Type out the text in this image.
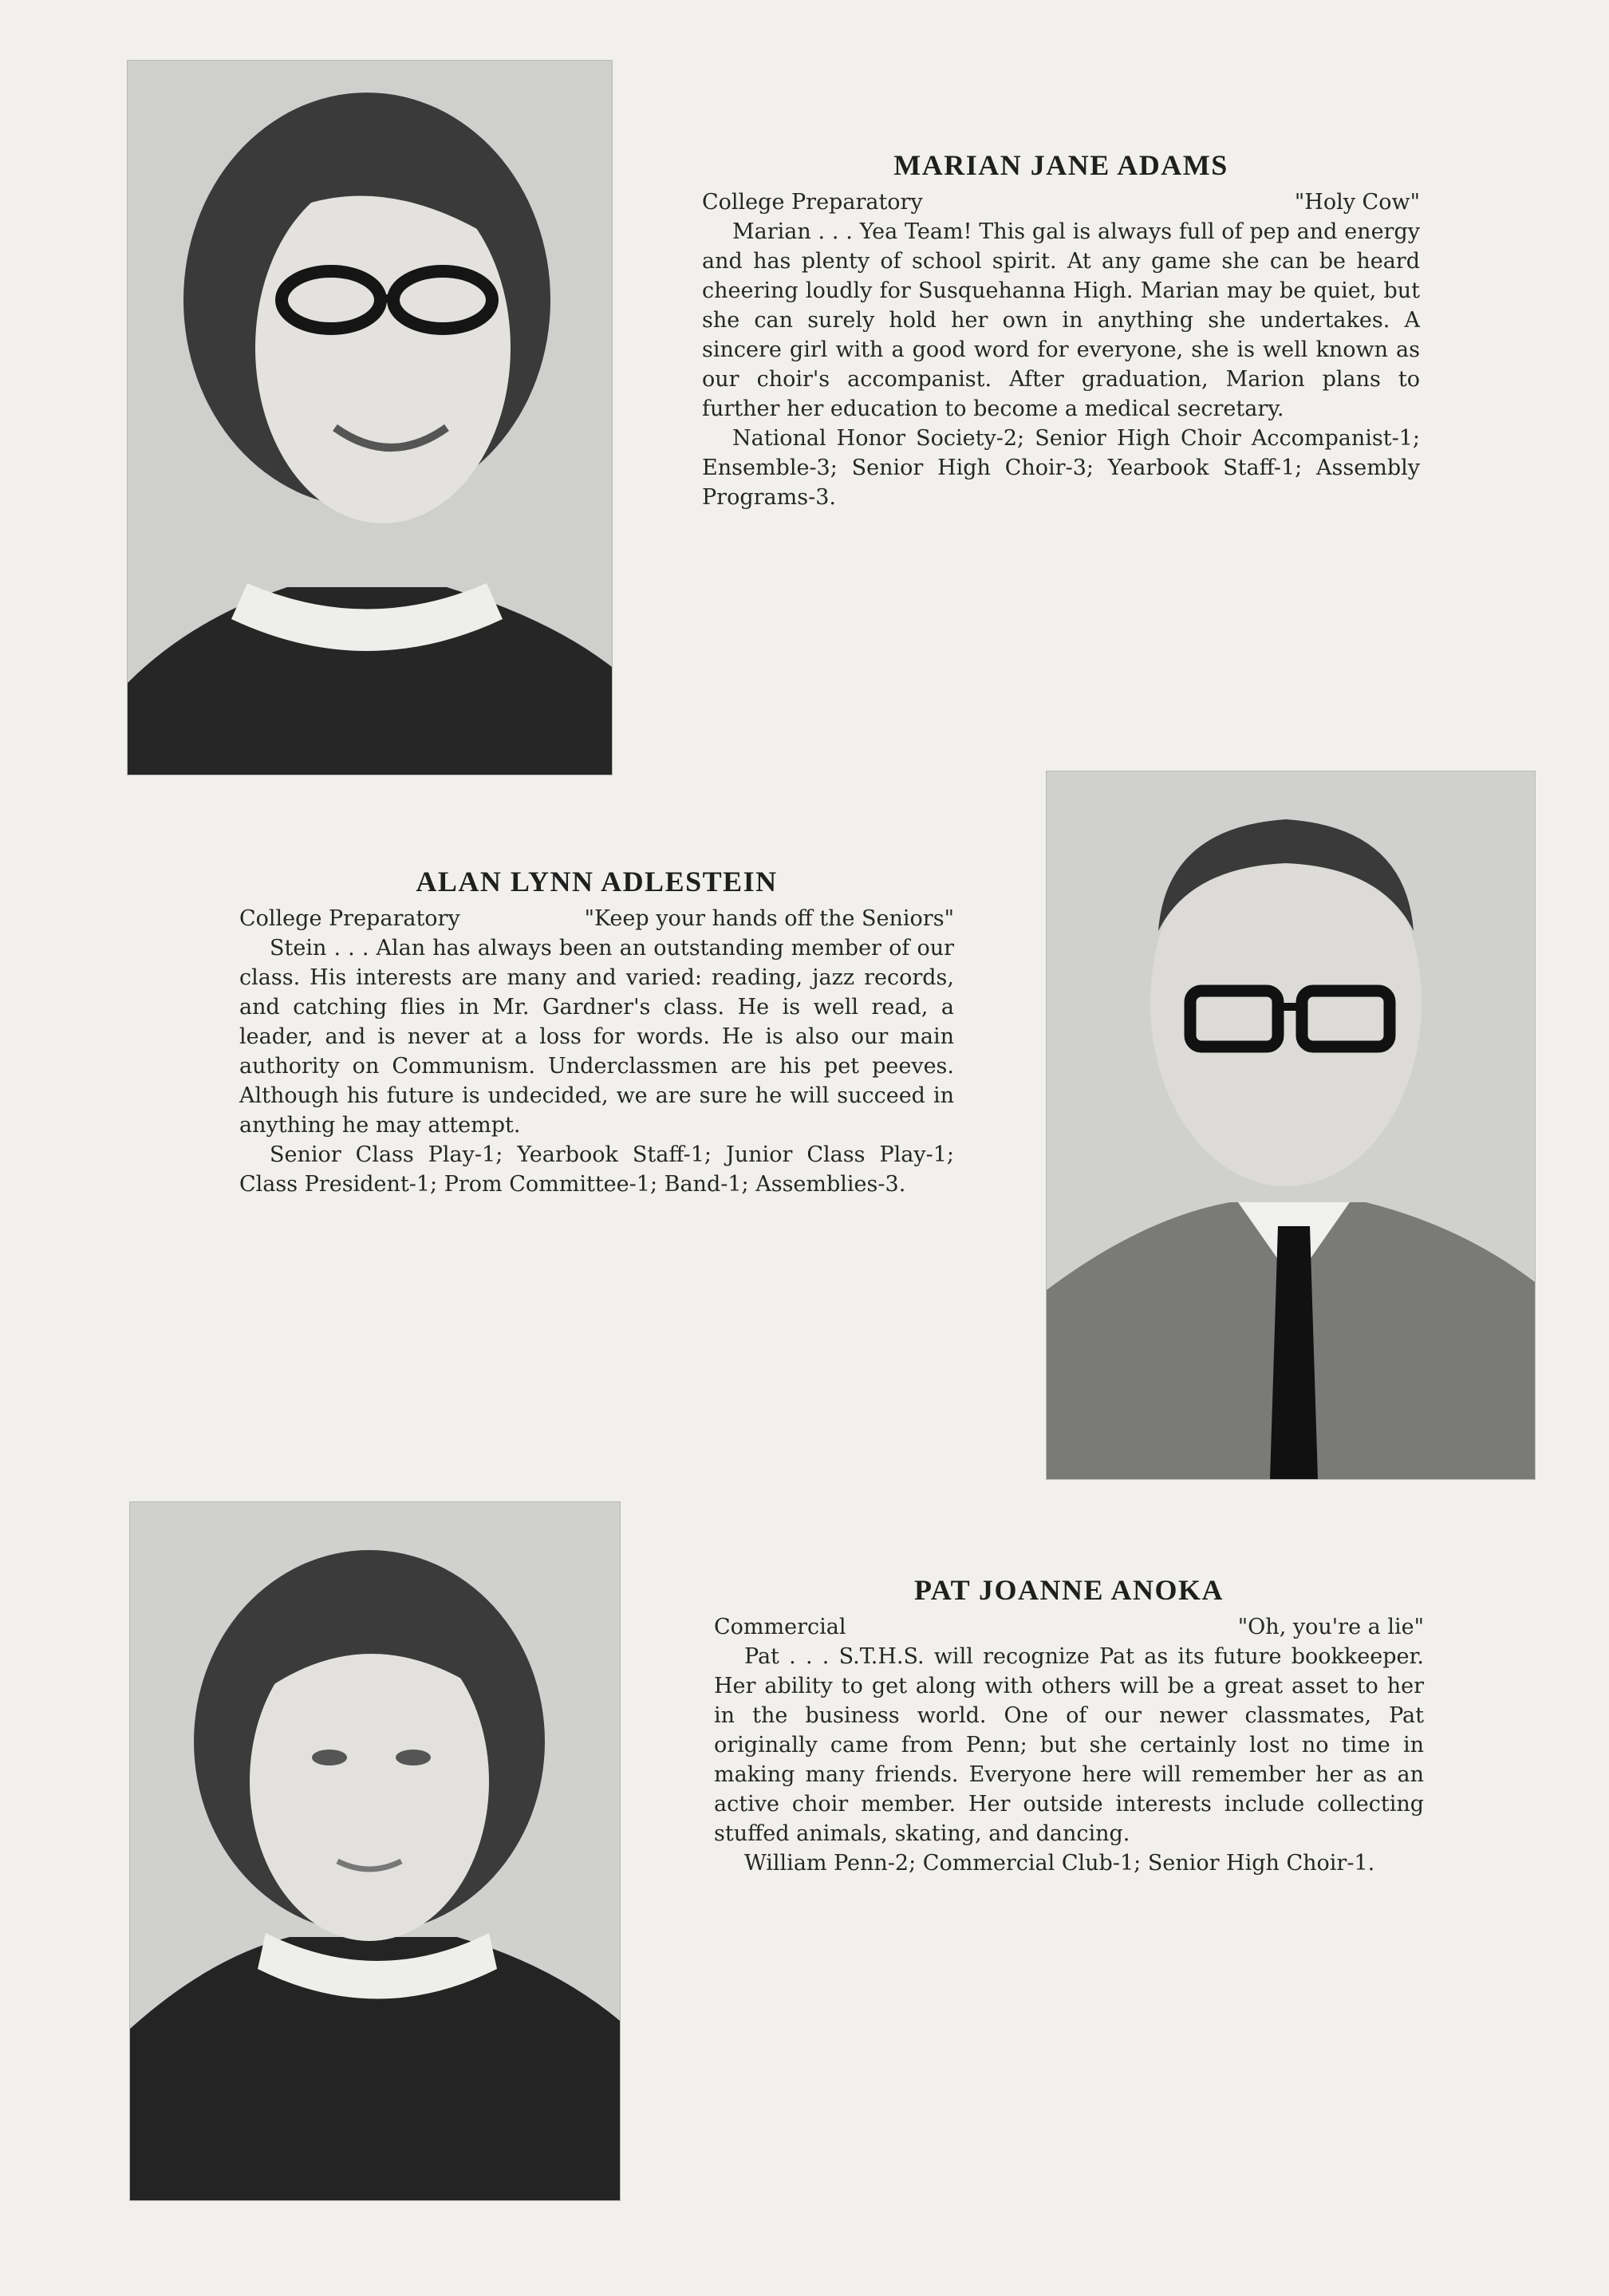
MARIAN JANE ADAMS
College Preparatory	"Holy Cow"

Marian . . . Yea Team! This gal is always full of pep and energy and has plenty of school spirit. At any game she can be heard cheering loudly for Susquehanna High. Marian may be quiet, but she can surely hold her own in anything she undertakes. A sincere girl with a good word for everyone, she is well known as our choir's accompanist. After graduation, Marion plans to further her education to become a medical secretary.

National Honor Society-2; Senior High Choir Accompanist-1; Ensemble-3; Senior High Choir-3; Yearbook Staff-1; Assembly Programs-3.

ALAN LYNN ADLESTEIN
College Preparatory	"Keep your hands off the Seniors"

Stein . . . Alan has always been an outstanding member of our class. His interests are many and varied: reading, jazz records, and catching flies in Mr. Gardner's class. He is well read, a leader, and is never at a loss for words. He is also our main authority on Communism. Underclassmen are his pet peeves. Although his future is undecided, we are sure he will succeed in anything he may attempt.

Senior Class Play-1; Yearbook Staff-1; Junior Class Play-1; Class President-1; Prom Committee-1; Band-1; Assemblies-3.

PAT JOANNE ANOKA
Commercial	"Oh, you're a lie"

Pat . . . S.T.H.S. will recognize Pat as its future bookkeeper. Her ability to get along with others will be a great asset to her in the business world. One of our newer classmates, Pat originally came from Penn; but she certainly lost no time in making many friends. Everyone here will remember her as an active choir member. Her outside interests include collecting stuffed animals, skating, and dancing.

William Penn-2; Commercial Club-1; Senior High Choir-1.
